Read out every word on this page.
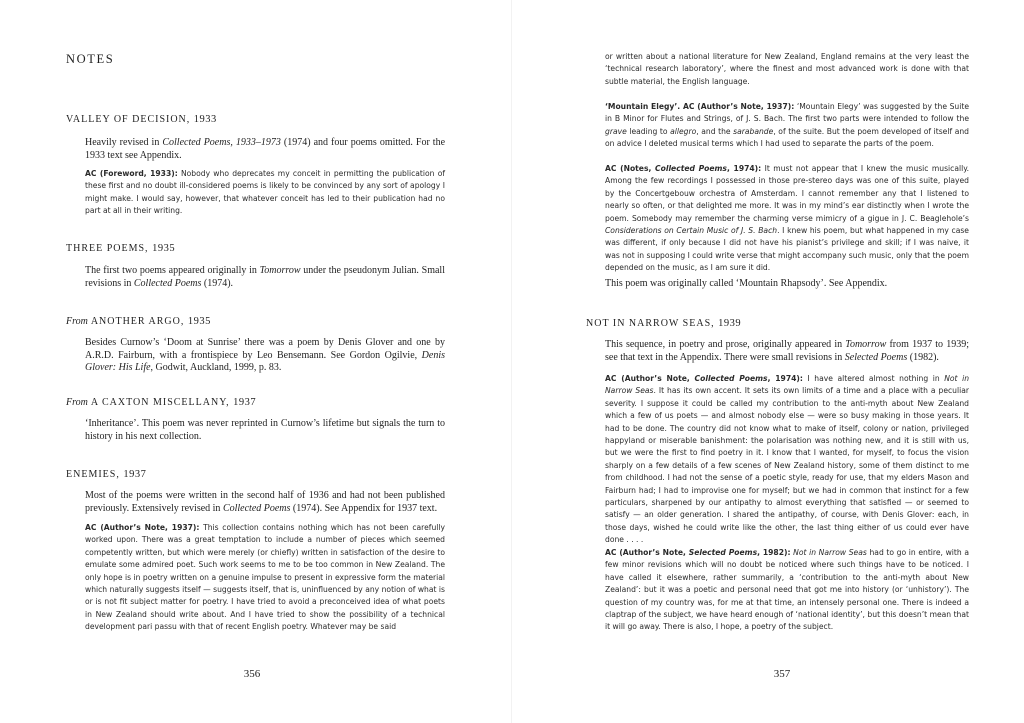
NOTES
VALLEY OF DECISION, 1933

Heavily revised in Collected Poems, 1933–1973 (1974) and four poems omitted. For the 1933 text see Appendix.

AC (Foreword, 1933): Nobody who deprecates my conceit in permitting the publication of these first and no doubt ill-considered poems is likely to be convinced by any sort of apology I might make. I would say, however, that whatever conceit has led to their publication had no part at all in their writing.

THREE POEMS, 1935

The first two poems appeared originally in Tomorrow under the pseudonym Julian. Small revisions in Collected Poems (1974).

From ANOTHER ARGO, 1935

Besides Curnow’s ‘Doom at Sunrise’ there was a poem by Denis Glover and one by A.R.D. Fairburn, with a frontispiece by Leo Bensemann. See Gordon Ogilvie, Denis Glover: His Life, Godwit, Auckland, 1999, p. 83.

From A CAXTON MISCELLANY, 1937

‘Inheritance’. This poem was never reprinted in Curnow’s lifetime but signals the turn to history in his next collection.

ENEMIES, 1937

Most of the poems were written in the second half of 1936 and had not been published previously. Extensively revised in Collected Poems (1974). See Appendix for 1937 text.

AC (Author’s Note, 1937): This collection contains nothing which has not been carefully worked upon. There was a great temptation to include a number of pieces which seemed competently written, but which were merely (or chiefly) written in satisfaction of the desire to emulate some admired poet. Such work seems to me to be too common in New Zealand. The only hope is in poetry written on a genuine impulse to present in expressive form the material which naturally suggests itself — suggests itself, that is, uninfluenced by any notion of what is or is not fit subject matter for poetry. I have tried to avoid a preconceived idea of what poets in New Zealand should write about. And I have tried to show the possibility of a technical development pari passu with that of recent English poetry. Whatever may be said

356

or written about a national literature for New Zealand, England remains at the very least the ‘technical research laboratory’, where the finest and most advanced work is done with that subtle material, the English language.

‘Mountain Elegy’. AC (Author’s Note, 1937): ‘Mountain Elegy’ was suggested by the Suite in B Minor for Flutes and Strings, of J. S. Bach. The first two parts were intended to follow the grave leading to allegro, and the sarabande, of the suite. But the poem developed of itself and on advice I deleted musical terms which I had used to separate the parts of the poem.

AC (Notes, Collected Poems, 1974): It must not appear that I knew the music musically. Among the few recordings I possessed in those pre-stereo days was one of this suite, played by the Concertgebouw orchestra of Amsterdam. I cannot remember any that I listened to nearly so often, or that delighted me more. It was in my mind’s ear distinctly when I wrote the poem. Somebody may remember the charming verse mimicry of a gigue in J. C. Beaglehole’s Considerations on Certain Music of J. S. Bach. I knew his poem, but what happened in my case was different, if only because I did not have his pianist’s privilege and skill; if I was naive, it was not in supposing I could write verse that might accompany such music, only that the poem depended on the music, as I am sure it did.

This poem was originally called ‘Mountain Rhapsody’. See Appendix.

NOT IN NARROW SEAS, 1939

This sequence, in poetry and prose, originally appeared in Tomorrow from 1937 to 1939; see that text in the Appendix. There were small revisions in Selected Poems (1982).

AC (Author’s Note, Collected Poems, 1974): I have altered almost nothing in Not in Narrow Seas. It has its own accent. It sets its own limits of a time and a place with a peculiar severity. I suppose it could be called my contribution to the anti-myth about New Zealand which a few of us poets — and almost nobody else — were so busy making in those years. It had to be done. The country did not know what to make of itself, colony or nation, privileged happyland or miserable banishment: the polarisation was nothing new, and it is still with us, but we were the first to find poetry in it. I know that I wanted, for myself, to focus the vision sharply on a few details of a few scenes of New Zealand history, some of them distinct to me from childhood. I had not the sense of a poetic style, ready for use, that my elders Mason and Fairburn had; I had to improvise one for myself; but we had in common that instinct for a few particulars, sharpened by our antipathy to almost everything that satisfied — or seemed to satisfy — an older generation. I shared the antipathy, of course, with Denis Glover: each, in those days, wished he could write like the other, the last thing either of us could ever have done . . . .

AC (Author’s Note, Selected Poems, 1982): Not in Narrow Seas had to go in entire, with a few minor revisions which will no doubt be noticed where such things have to be noticed. I have called it elsewhere, rather summarily, a ‘contribution to the anti-myth about New Zealand’: but it was a poetic and personal need that got me into history (or ‘unhistory’). The question of my country was, for me at that time, an intensely personal one. There is indeed a claptrap of the subject, we have heard enough of ‘national identity’, but this doesn’t mean that it will go away. There is also, I hope, a poetry of the subject.

357
